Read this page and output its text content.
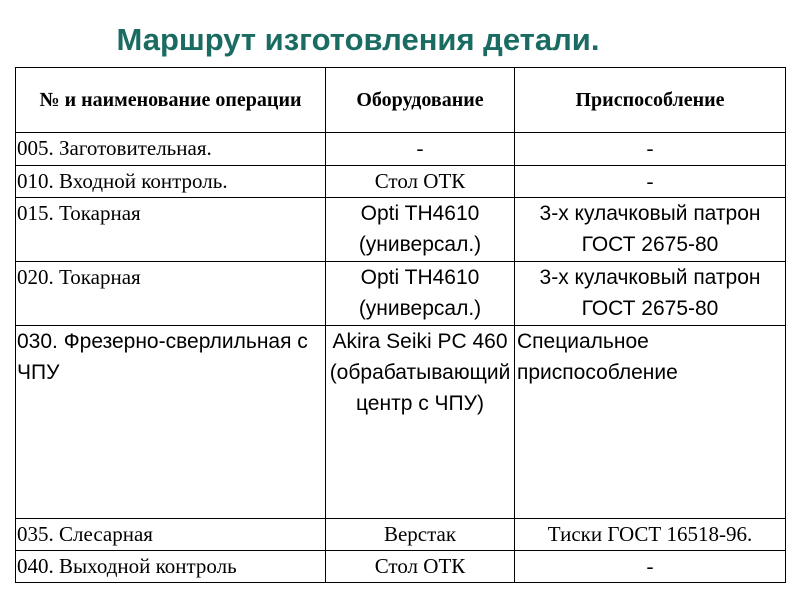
Маршрут изготовления детали.
№ и наименование операции	Оборудование	Приспособление
005. Заготовительная.	-	-
010. Входной контроль.	Стол ОТК	-
015. Токарная	Opti TH4610 (универсал.)	3-х кулачковый патрон ГОСТ 2675-80
020. Токарная	Opti TH4610 (универсал.)	3-х кулачковый патрон ГОСТ 2675-80
030. Фрезерно-сверлильная с ЧПУ	Akira Seiki PC 460 (обрабатывающий центр с ЧПУ)	Специальное приспособление
035. Слесарная	Верстак	Тиски ГОСТ 16518-96.
040. Выходной контроль	Стол ОТК	-
